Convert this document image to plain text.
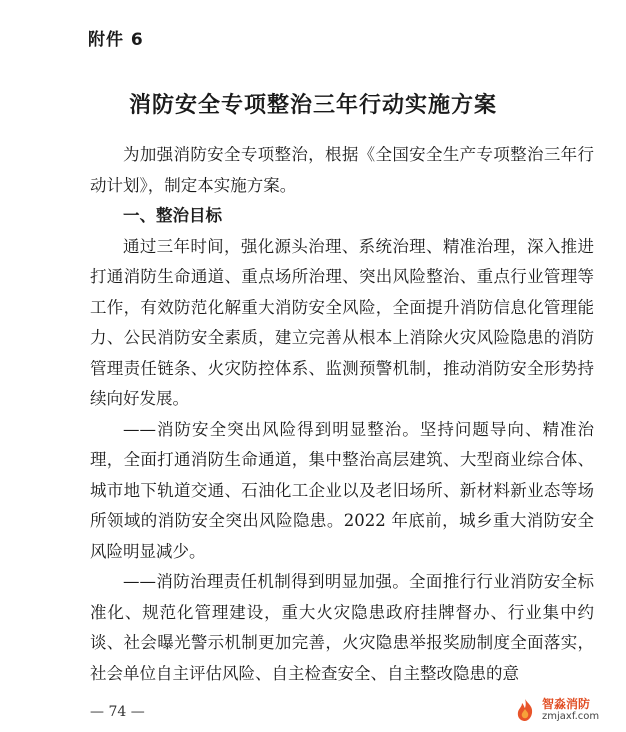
附件 6
消防安全专项整治三年行动实施方案

为加强消防安全专项整治，根据《全国安全生产专项整治三年行动计划》，制定本实施方案。

一、整治目标

通过三年时间，强化源头治理、系统治理、精准治理，深入推进打通消防生命通道、重点场所治理、突出风险整治、重点行业管理等工作，有效防范化解重大消防安全风险，全面提升消防信息化管理能力、公民消防安全素质，建立完善从根本上消除火灾风险隐患的消防管理责任链条、火灾防控体系、监测预警机制，推动消防安全形势持续向好发展。

——消防安全突出风险得到明显整治。坚持问题导向、精准治理，全面打通消防生命通道，集中整治高层建筑、大型商业综合体、城市地下轨道交通、石油化工企业以及老旧场所、新材料新业态等场所领域的消防安全突出风险隐患。2022 年底前，城乡重大消防安全风险明显减少。

——消防治理责任机制得到明显加强。全面推行行业消防安全标准化、规范化管理建设，重大火灾隐患政府挂牌督办、行业集中约谈、社会曝光警示机制更加完善，火灾隐患举报奖励制度全面落实，社会单位自主评估风险、自主检查安全、自主整改隐患的意

— 74 —	智淼消防
zmjaxf.com
